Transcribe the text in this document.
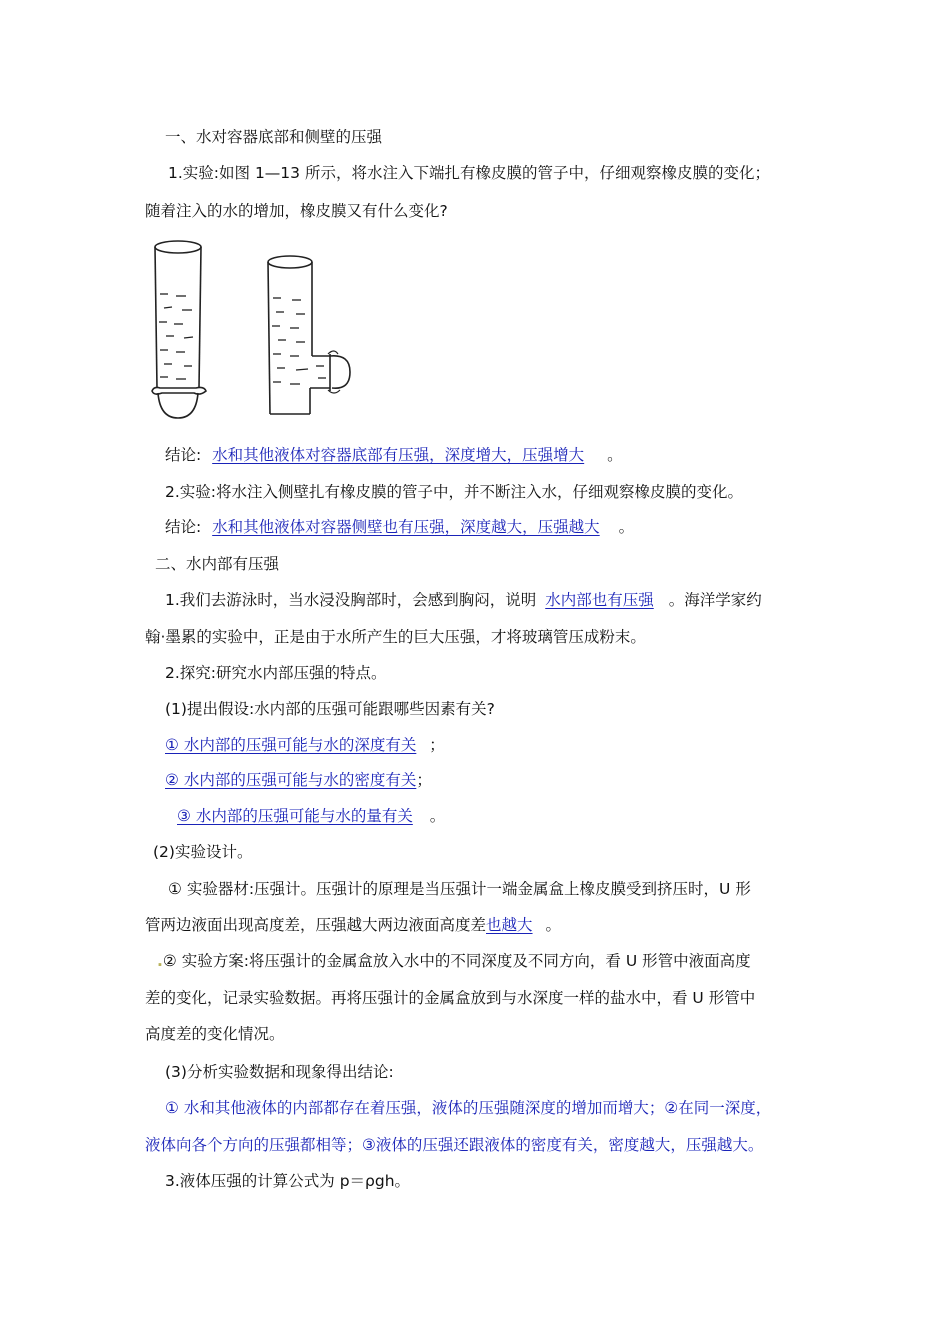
一、水对容器底部和侧壁的压强
1.实验:如图 1—13 所示，将水注入下端扎有橡皮膜的管子中，仔细观察橡皮膜的变化；
随着注入的水的增加，橡皮膜又有什么变化?
结论: 水和其他液体对容器底部有压强，深度增大，压强增大 。
2.实验:将水注入侧壁扎有橡皮膜的管子中，并不断注入水，仔细观察橡皮膜的变化。
结论: 水和其他液体对容器侧壁也有压强，深度越大，压强越大 。
二、水内部有压强
1.我们去游泳时，当水浸没胸部时，会感到胸闷，说明 水内部也有压强 。海洋学家约
翰·墨累的实验中，正是由于水所产生的巨大压强，才将玻璃管压成粉末。
2.探究:研究水内部压强的特点。
(1)提出假设:水内部的压强可能跟哪些因素有关?
① 水内部的压强可能与水的深度有关 ；
② 水内部的压强可能与水的密度有关；
③ 水内部的压强可能与水的量有关 。
(2)实验设计。
① 实验器材:压强计。压强计的原理是当压强计一端金属盒上橡皮膜受到挤压时，U 形
管两边液面出现高度差，压强越大两边液面高度差也越大 。
.② 实验方案:将压强计的金属盒放入水中的不同深度及不同方向，看 U 形管中液面高度
差的变化，记录实验数据。再将压强计的金属盒放到与水深度一样的盐水中，看 U 形管中
高度差的变化情况。
(3)分析实验数据和现象得出结论:
① 水和其他液体的内部都存在着压强，液体的压强随深度的增加而增大；②在同一深度，
液体向各个方向的压强都相等；③液体的压强还跟液体的密度有关，密度越大，压强越大。
3.液体压强的计算公式为 p＝ρgh。
